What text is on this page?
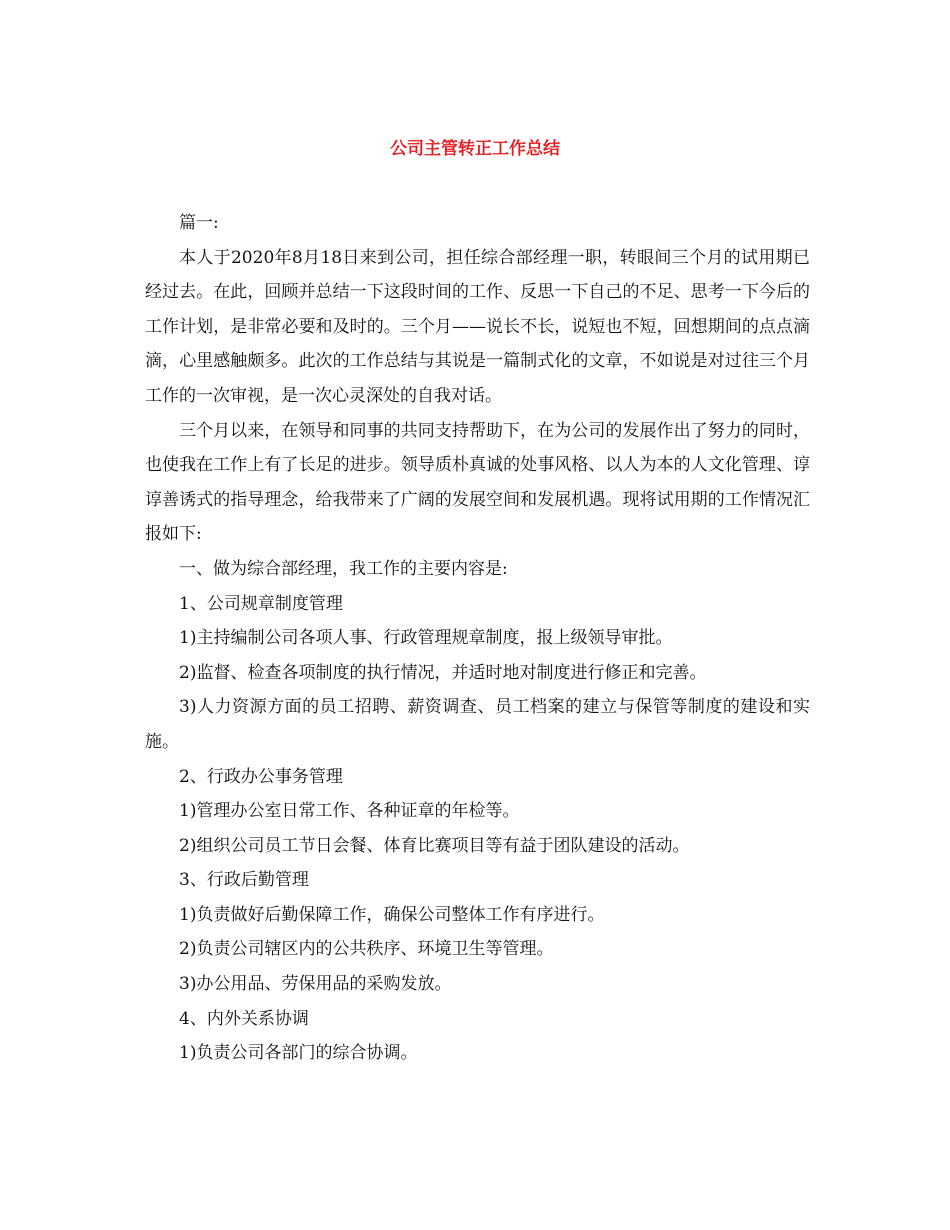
公司主管转正工作总结

篇一:

本人于2020年8月18日来到公司，担任综合部经理一职，转眼间三个月的试用期已经过去。在此，回顾并总结一下这段时间的工作、反思一下自己的不足、思考一下今后的工作计划，是非常必要和及时的。三个月——说长不长，说短也不短，回想期间的点点滴滴，心里感触颇多。此次的工作总结与其说是一篇制式化的文章，不如说是对过往三个月工作的一次审视，是一次心灵深处的自我对话。

三个月以来，在领导和同事的共同支持帮助下，在为公司的发展作出了努力的同时，也使我在工作上有了长足的进步。领导质朴真诚的处事风格、以人为本的人文化管理、谆谆善诱式的指导理念，给我带来了广阔的发展空间和发展机遇。现将试用期的工作情况汇报如下:

一、做为综合部经理，我工作的主要内容是:

1、公司规章制度管理

1)主持编制公司各项人事、行政管理规章制度，报上级领导审批。

2)监督、检查各项制度的执行情况，并适时地对制度进行修正和完善。

3)人力资源方面的员工招聘、薪资调查、员工档案的建立与保管等制度的建设和实施。

2、行政办公事务管理

1)管理办公室日常工作、各种证章的年检等。

2)组织公司员工节日会餐、体育比赛项目等有益于团队建设的活动。

3、行政后勤管理

1)负责做好后勤保障工作，确保公司整体工作有序进行。

2)负责公司辖区内的公共秩序、环境卫生等管理。

3)办公用品、劳保用品的采购发放。

4、内外关系协调

1)负责公司各部门的综合协调。
